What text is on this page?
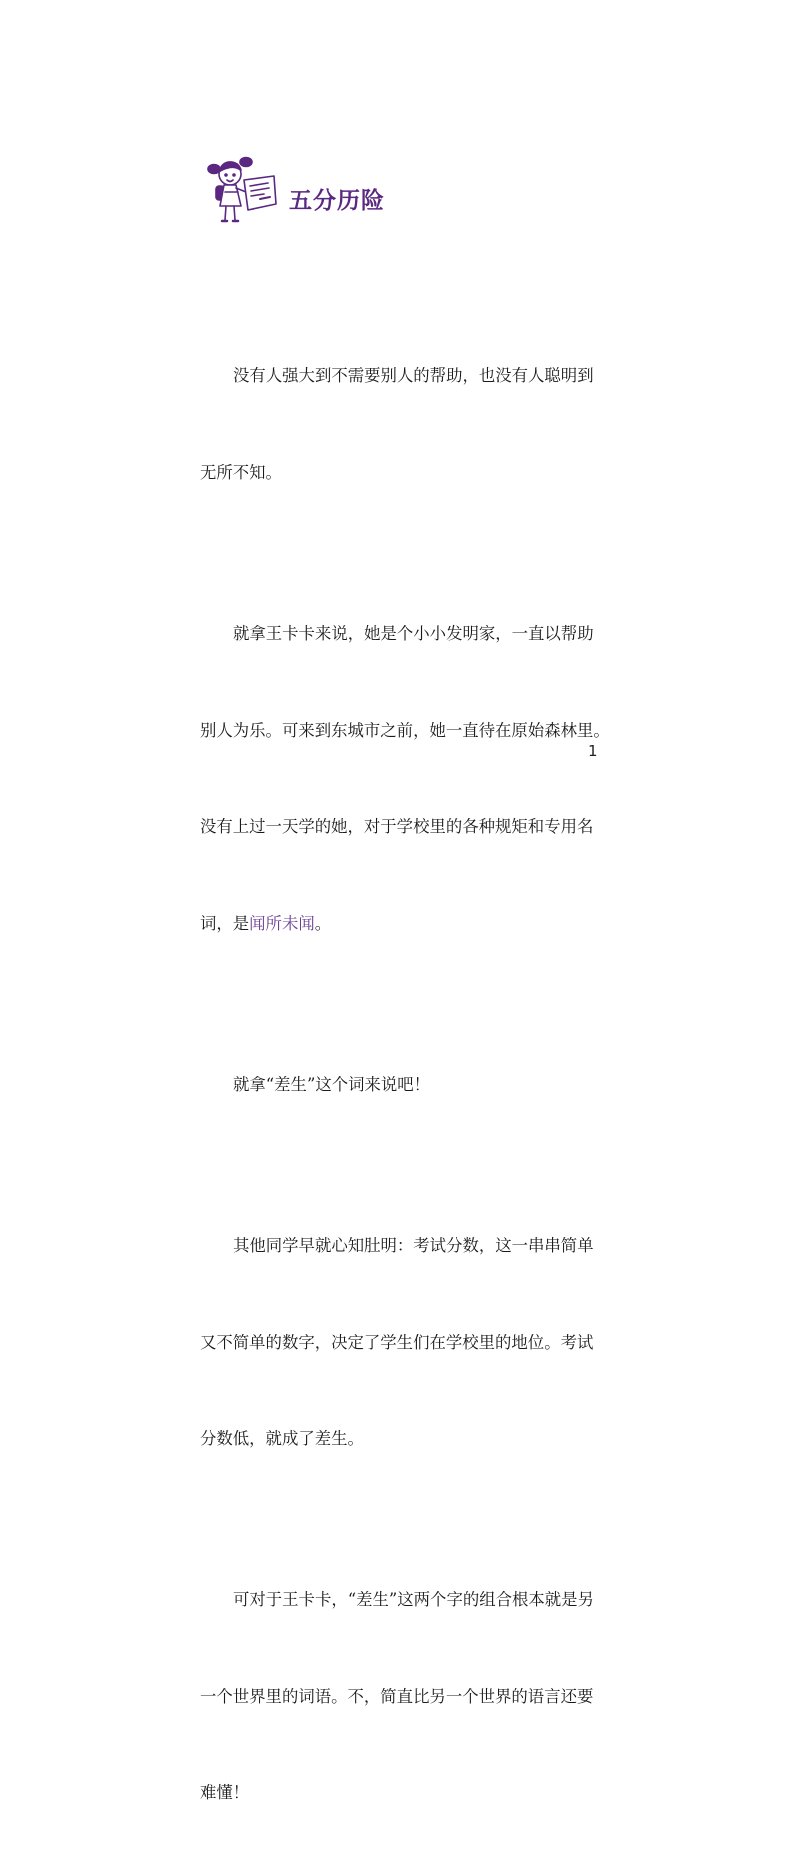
五分历险

没有人强大到不需要别人的帮助，也没有人聪明到

无所不知。

就拿王卡卡来说，她是个小小发明家，一直以帮助

别人为乐。可来到东城市之前，她一直待在原始森林里。

没有上过一天学的她，对于学校里的各种规矩和专用名

词，是闻所未闻。

就拿“差生”这个词来说吧！

其他同学早就心知肚明：考试分数，这一串串简单

又不简单的数字，决定了学生们在学校里的地位。考试

分数低，就成了差生。

可对于王卡卡，“差生”这两个字的组合根本就是另

一个世界里的词语。不，简直比另一个世界的语言还要

难懂！

1
